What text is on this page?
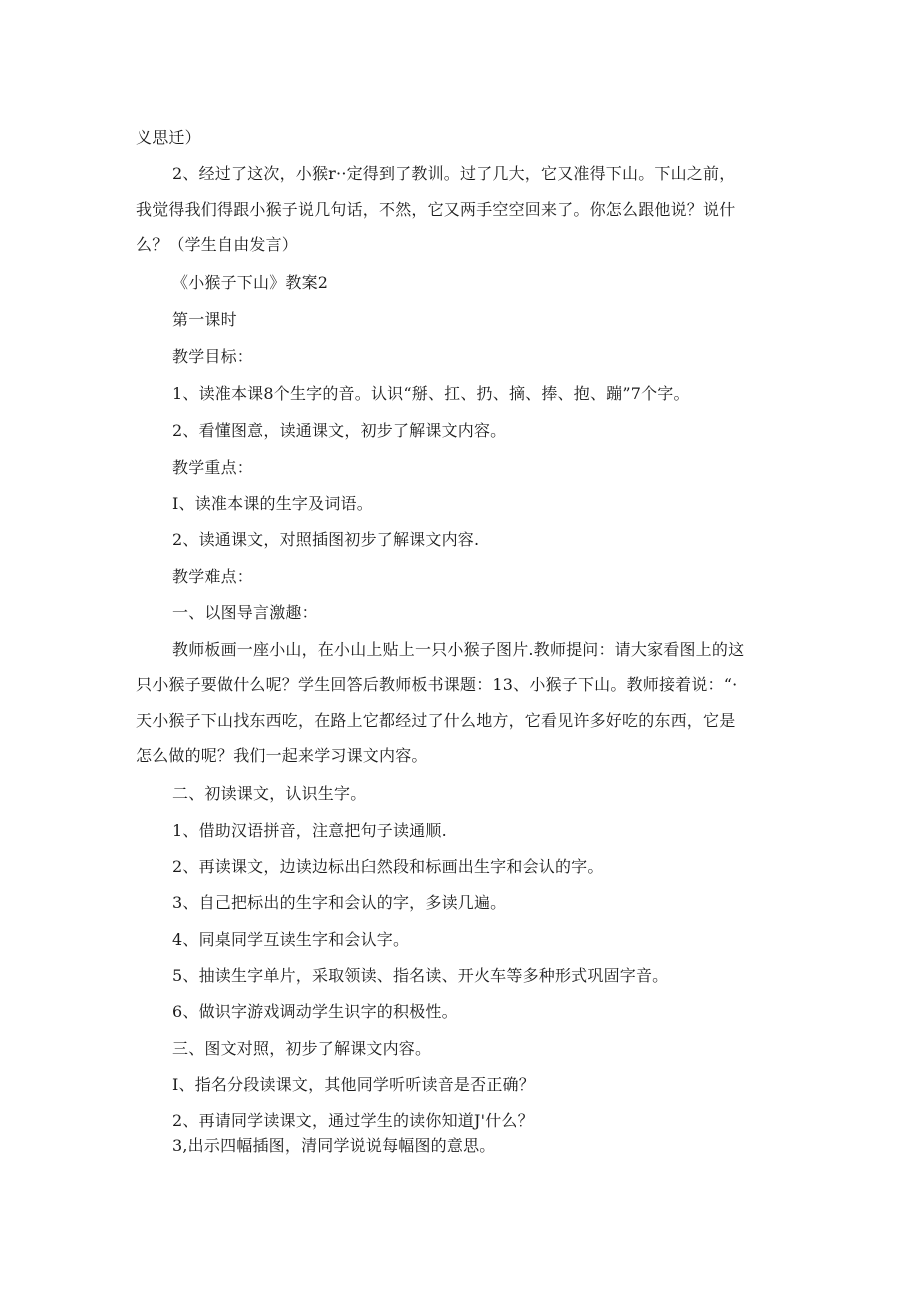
义思迁）
2、经过了这次，小猴r··定得到了教训。过了几大，它又准得下山。下山之前，
我觉得我们得跟小猴子说几句话，不然，它又两手空空回来了。你怎么跟他说？说什
么？（学生自由发言）
《小猴子下山》教案2
第一课时
教学目标：
1、读准本课8个生字的音。认识“掰、扛、扔、摘、捧、抱、蹦”7个字。
2、看懂图意，读通课文，初步了解课文内容。
教学重点：
I、读准本课的生字及词语。
2、读通课文，对照插图初步了解课文内容.
教学难点：
一、以图导言激趣：
教师板画一座小山，在小山上贴上一只小猴子图片.教师提问：请大家看图上的这
只小猴子要做什么呢？学生回答后教师板书课题：13、小猴子下山。教师接着说：“·
天小猴子下山找东西吃，在路上它都经过了什么地方，它看见许多好吃的东西，它是
怎么做的呢？我们一起来学习课文内容。
二、初读课文，认识生字。
1、借助汉语拼音，注意把句子读通顺.
2、再读课文，边读边标出臼然段和标画出生字和会认的字。
3、自己把标出的生字和会认的字，多读几遍。
4、同桌同学互读生字和会认字。
5、抽读生字单片，采取领读、指名读、开火车等多种形式巩固字音。
6、做识字游戏调动学生识字的积极性。
三、图文对照，初步了解课文内容。
I、指名分段读课文，其他同学听听读音是否正确？
2、再请同学读课文，通过学生的读你知道J'什么？
3,出示四幅插图，清同学说说每幅图的意思。
